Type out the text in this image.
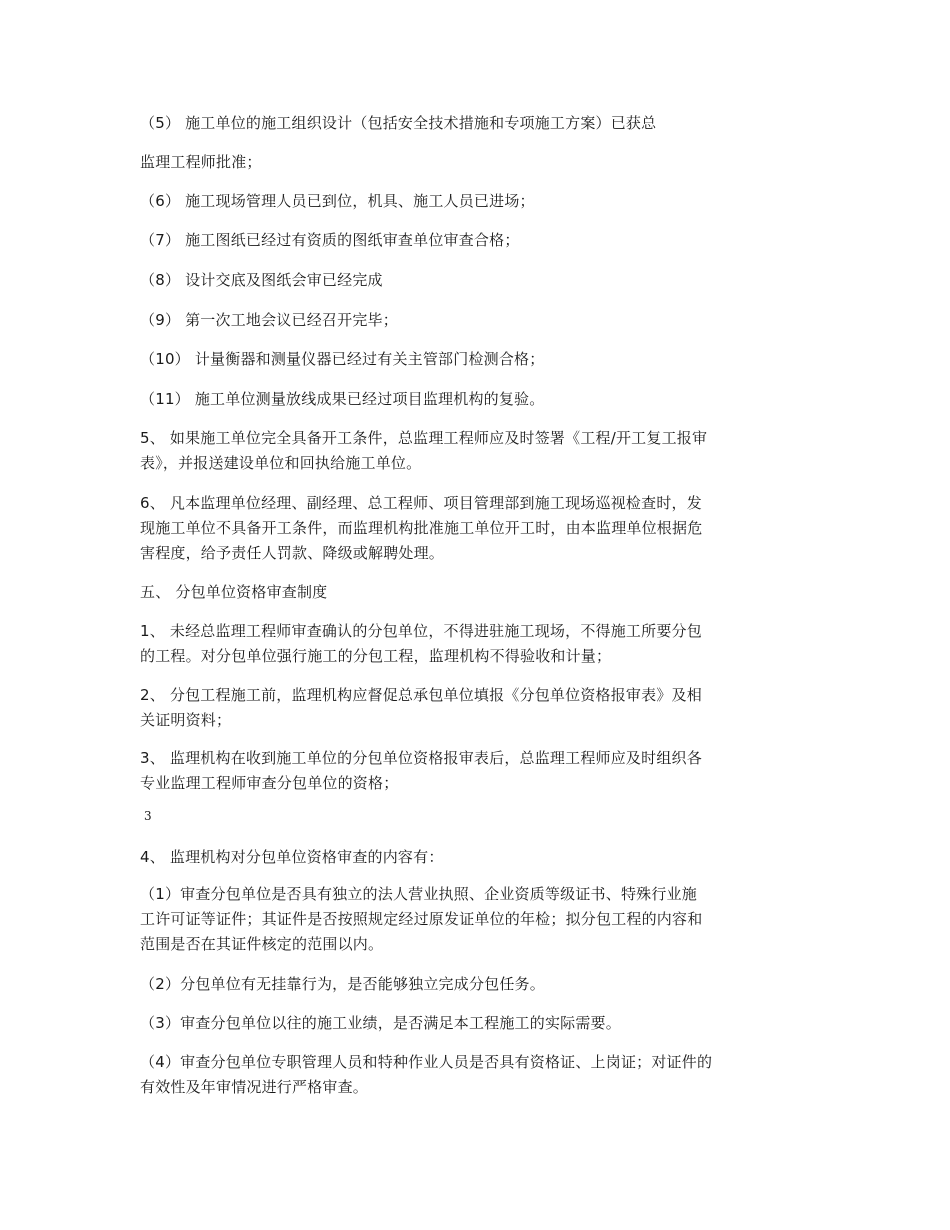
（5） 施工单位的施工组织设计（包括安全技术措施和专项施工方案）已获总
监理工程师批准；
（6） 施工现场管理人员已到位，机具、施工人员已进场；
（7） 施工图纸已经过有资质的图纸审查单位审查合格；
（8） 设计交底及图纸会审已经完成
（9） 第一次工地会议已经召开完毕；
（10） 计量衡器和测量仪器已经过有关主管部门检测合格；
（11） 施工单位测量放线成果已经过项目监理机构的复验。
5、 如果施工单位完全具备开工条件，总监理工程师应及时签署《工程/开工复工报审
表》，并报送建设单位和回执给施工单位。
6、 凡本监理单位经理、副经理、总工程师、项目管理部到施工现场巡视检查时，发
现施工单位不具备开工条件，而监理机构批准施工单位开工时，由本监理单位根据危
害程度，给予责任人罚款、降级或解聘处理。
五、 分包单位资格审查制度
1、 未经总监理工程师审查确认的分包单位，不得进驻施工现场，不得施工所要分包
的工程。对分包单位强行施工的分包工程，监理机构不得验收和计量；
2、 分包工程施工前，监理机构应督促总承包单位填报《分包单位资格报审表》及相
关证明资料；
3、 监理机构在收到施工单位的分包单位资格报审表后，总监理工程师应及时组织各
专业监理工程师审查分包单位的资格；
3
4、 监理机构对分包单位资格审查的内容有：
（1）审查分包单位是否具有独立的法人营业执照、企业资质等级证书、特殊行业施
工许可证等证件；其证件是否按照规定经过原发证单位的年检；拟分包工程的内容和
范围是否在其证件核定的范围以内。
（2）分包单位有无挂靠行为，是否能够独立完成分包任务。
（3）审查分包单位以往的施工业绩，是否满足本工程施工的实际需要。
（4）审查分包单位专职管理人员和特种作业人员是否具有资格证、上岗证；对证件的
有效性及年审情况进行严格审查。
